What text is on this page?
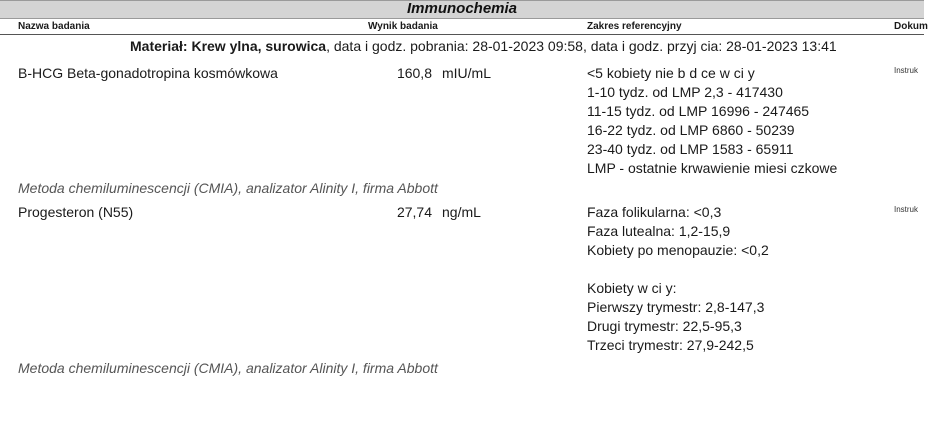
Immunochemia
Nazwa badania	Wynik badania	Zakres referencyjny	Dokum
Materiał: Krew ylna, surowica, data i godz. pobrania: 28-01-2023 09:58, data i godz. przyj cia: 28-01-2023 13:41
B-HCG Beta-gonadotropina kosmówkowa	160,8 mIU/mL	<5 kobiety nie b d ce w ci y
1-10 tydz. od LMP 2,3 - 417430
11-15 tydz. od LMP 16996 - 247465
16-22 tydz. od LMP 6860 - 50239
23-40 tydz. od LMP 1583 - 65911
LMP - ostatnie krwawienie miesi czkowe
Instruk
Metoda chemiluminescencji (CMIA), analizator Alinity I, firma Abbott
Progesteron (N55)	27,74 ng/mL	Faza folikularna: <0,3
Faza lutealna: 1,2-15,9
Kobiety po menopauzie: <0,2
Kobiety w ci y:
Pierwszy trymestr: 2,8-147,3
Drugi trymestr: 22,5-95,3
Trzeci trymestr: 27,9-242,5
Instruk
Metoda chemiluminescencji (CMIA), analizator Alinity I, firma Abbott
